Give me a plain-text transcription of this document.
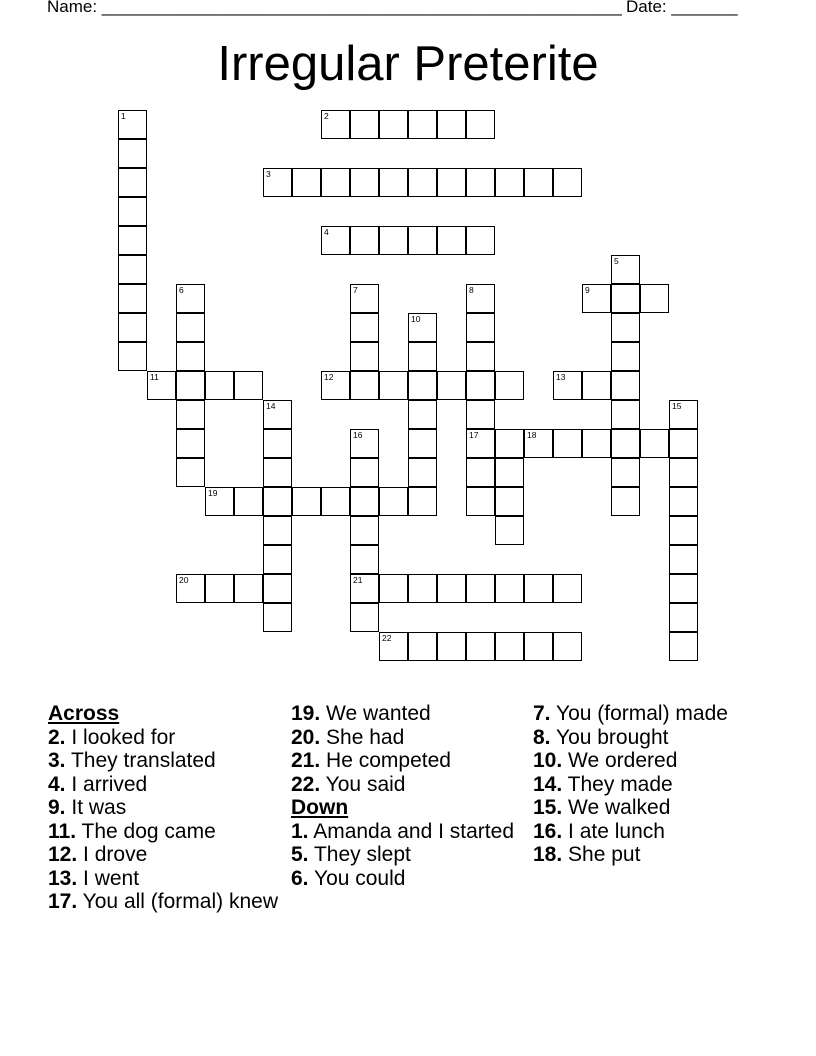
Name: _______________________________________________________ Date: _______
Irregular Preterite
1	2
3
4
5
6	7	8	9
10
11	12	13
14	15
16	17	18
19
20	21
22
Across
2. I looked for
3. They translated
4. I arrived
9. It was
11. The dog came
12. I drove
13. I went
17. You all (formal) knew
19. We wanted
20. She had
21. He competed
22. You said
Down
1. Amanda and I started
5. They slept
6. You could
7. You (formal) made
8. You brought
10. We ordered
14. They made
15. We walked
16. I ate lunch
18. She put
